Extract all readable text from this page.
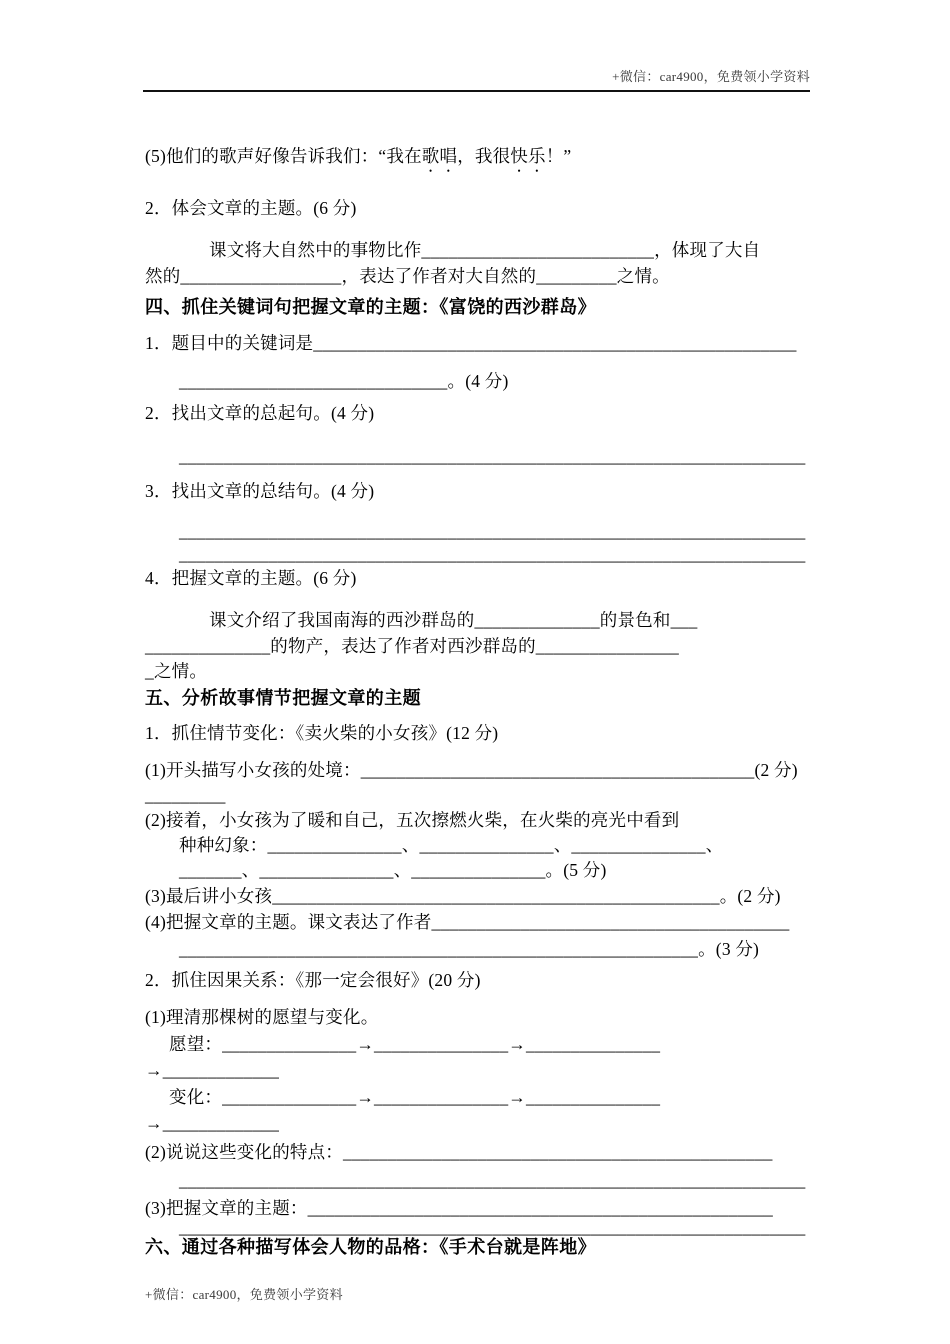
+微信：car4900，免费领小学资料
(5)他们的歌声好像告诉我们：“我在歌唱，我很快乐！”
2．体会文章的主题。(6 分)
课文将大自然中的事物比作__________________________，体现了大自
然的__________________，表达了作者对大自然的_________之情。
四、抓住关键词句把握文章的主题：《富饶的西沙群岛》
1．题目中的关键词是______________________________________________________
______________________________。(4 分)
2．找出文章的总起句。(4 分)
______________________________________________________________________
3．找出文章的总结句。(4 分)
______________________________________________________________________
______________________________________________________________________
4．把握文章的主题。(6 分)
课文介绍了我国南海的西沙群岛的______________的景色和___
______________的物产，表达了作者对西沙群岛的________________
_之情。
五、分析故事情节把握文章的主题
1．抓住情节变化：《卖火柴的小女孩》(12 分)
(1)开头描写小女孩的处境：____________________________________________(2 分)
_________
(2)接着，小女孩为了暖和自己，五次擦燃火柴，在火柴的亮光中看到
种种幻象：_______________、_______________、_______________、
_______、_______________、_______________。(5 分)
(3)最后讲小女孩__________________________________________________。(2 分)
(4)把握文章的主题。课文表达了作者________________________________________
__________________________________________________________。(3 分)
2．抓住因果关系：《那一定会很好》(20 分)
(1)理清那棵树的愿望与变化。
愿望：_______________→_______________→_______________
→_____________
变化：_______________→_______________→_______________
→_____________
(2)说说这些变化的特点：________________________________________________
______________________________________________________________________
(3)把握文章的主题：____________________________________________________
______________________________________________________________________
六、通过各种描写体会人物的品格：《手术台就是阵地》
+微信：car4900，免费领小学资料
